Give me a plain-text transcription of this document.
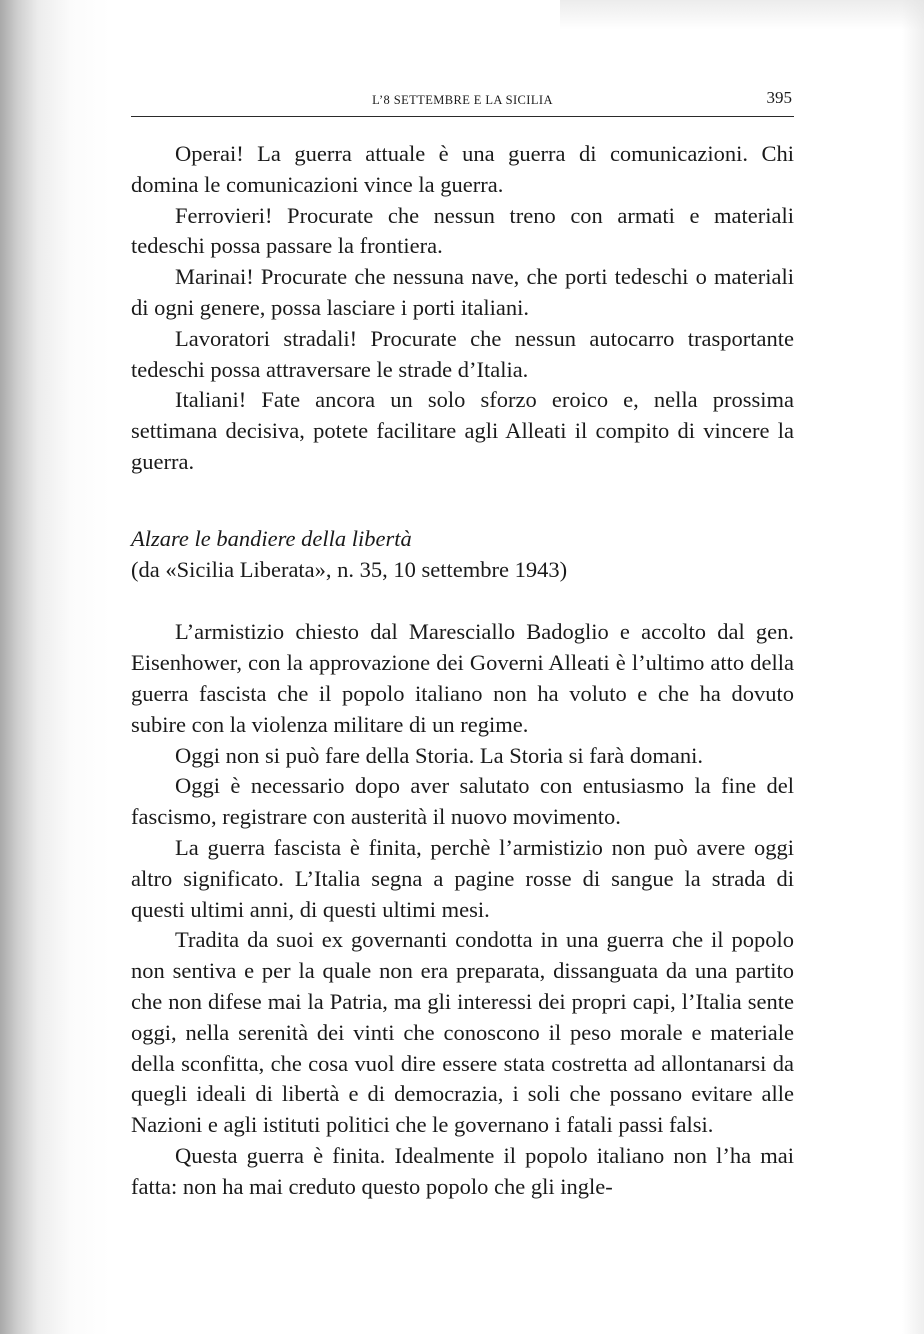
L’8 SETTEMBRE E LA SICILIA	395

Operai! La guerra attuale è una guerra di comunicazioni. Chi domina le comunicazioni vince la guerra.

Ferrovieri! Procurate che nessun treno con armati e materiali tedeschi possa passare la frontiera.

Marinai! Procurate che nessuna nave, che porti tedeschi o materiali di ogni genere, possa lasciare i porti italiani.

Lavoratori stradali! Procurate che nessun autocarro trasportante tedeschi possa attraversare le strade d’Italia.

Italiani! Fate ancora un solo sforzo eroico e, nella prossima settimana decisiva, potete facilitare agli Alleati il compito di vincere la guerra.

Alzare le bandiere della libertà
(da «Sicilia Liberata», n. 35, 10 settembre 1943)

L’armistizio chiesto dal Maresciallo Badoglio e accolto dal gen. Eisenhower, con la approvazione dei Governi Alleati è l’ultimo atto della guerra fascista che il popolo italiano non ha voluto e che ha dovuto subire con la violenza militare di un regime.

Oggi non si può fare della Storia. La Storia si farà domani.

Oggi è necessario dopo aver salutato con entusiasmo la fine del fascismo, registrare con austerità il nuovo movimento.

La guerra fascista è finita, perchè l’armistizio non può avere oggi altro significato. L’Italia segna a pagine rosse di sangue la strada di questi ultimi anni, di questi ultimi mesi.

Tradita da suoi ex governanti condotta in una guerra che il popolo non sentiva e per la quale non era preparata, dissanguata da una partito che non difese mai la Patria, ma gli interessi dei propri capi, l’Italia sente oggi, nella serenità dei vinti che conoscono il peso morale e materiale della sconfitta, che cosa vuol dire essere stata costretta ad allontanarsi da quegli ideali di libertà e di democrazia, i soli che possano evitare alle Nazioni e agli istituti politici che le governano i fatali passi falsi.

Questa guerra è finita. Idealmente il popolo italiano non l’ha mai fatta: non ha mai creduto questo popolo che gli ingle-
